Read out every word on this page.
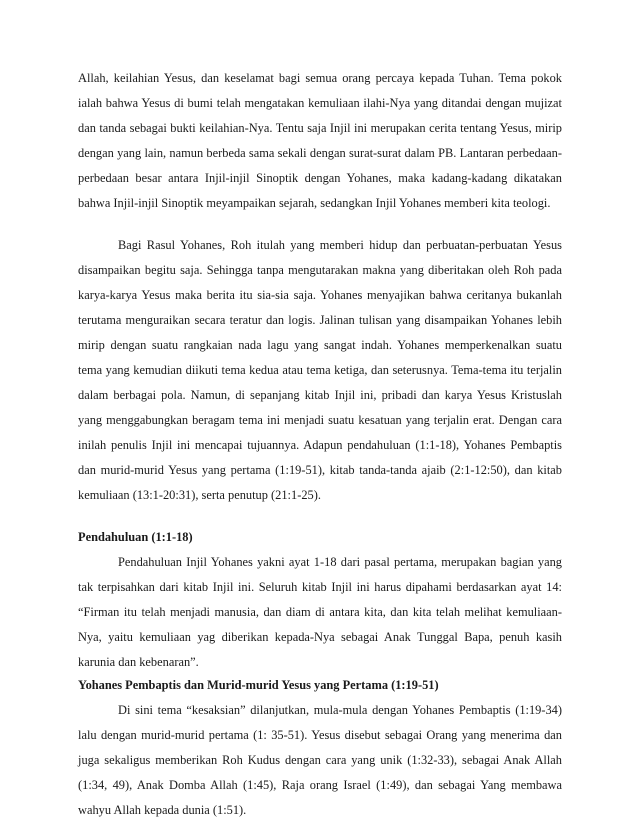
Allah, keilahian Yesus, dan keselamat bagi semua orang percaya kepada Tuhan. Tema pokok
ialah bahwa Yesus di bumi telah mengatakan kemuliaan ilahi-Nya yang ditandai dengan mujizat
dan tanda sebagai bukti keilahian-Nya. Tentu saja Injil ini merupakan cerita tentang Yesus, mirip
dengan yang lain, namun berbeda sama sekali dengan surat-surat dalam PB. Lantaran perbedaan-
perbedaan besar antara Injil-injil Sinoptik dengan Yohanes, maka kadang-kadang dikatakan
bahwa Injil-injil Sinoptik meyampaikan sejarah, sedangkan Injil Yohanes memberi kita teologi.
Bagi Rasul Yohanes, Roh itulah yang memberi hidup dan perbuatan-perbuatan Yesus
disampaikan begitu saja. Sehingga tanpa mengutarakan makna yang diberitakan oleh Roh pada
karya-karya Yesus maka berita itu sia-sia saja. Yohanes menyajikan bahwa ceritanya bukanlah
terutama menguraikan secara teratur dan logis. Jalinan tulisan yang disampaikan Yohanes lebih
mirip dengan suatu rangkaian nada lagu yang sangat indah. Yohanes memperkenalkan suatu
tema yang kemudian diikuti tema kedua atau tema ketiga, dan seterusnya. Tema-tema itu terjalin
dalam berbagai pola. Namun, di sepanjang kitab Injil ini, pribadi dan karya Yesus Kristuslah
yang menggabungkan beragam tema ini menjadi suatu kesatuan yang terjalin erat. Dengan cara
inilah penulis Injil ini mencapai tujuannya. Adapun pendahuluan (1:1-18), Yohanes Pembaptis
dan murid-murid Yesus yang pertama (1:19-51), kitab tanda-tanda ajaib (2:1-12:50), dan kitab
kemuliaan (13:1-20:31), serta penutup (21:1-25).
Pendahuluan (1:1-18)
Pendahuluan Injil Yohanes yakni ayat 1-18 dari pasal pertama, merupakan bagian yang
tak terpisahkan dari kitab Injil ini. Seluruh kitab Injil ini harus dipahami berdasarkan ayat 14:
“Firman itu telah menjadi manusia, dan diam di antara kita, dan kita telah melihat kemuliaan-
Nya, yaitu kemuliaan yag diberikan kepada-Nya sebagai Anak Tunggal Bapa, penuh kasih
karunia dan kebenaran”.
Yohanes Pembaptis dan Murid-murid Yesus yang Pertama (1:19-51)
Di sini tema “kesaksian” dilanjutkan, mula-mula dengan Yohanes Pembaptis (1:19-34)
lalu dengan murid-murid pertama (1: 35-51). Yesus disebut sebagai Orang yang menerima dan
juga sekaligus memberikan Roh Kudus dengan cara yang unik (1:32-33), sebagai Anak Allah
(1:34, 49), Anak Domba Allah (1:45), Raja orang Israel (1:49), dan sebagai Yang membawa
wahyu Allah kepada dunia (1:51).
